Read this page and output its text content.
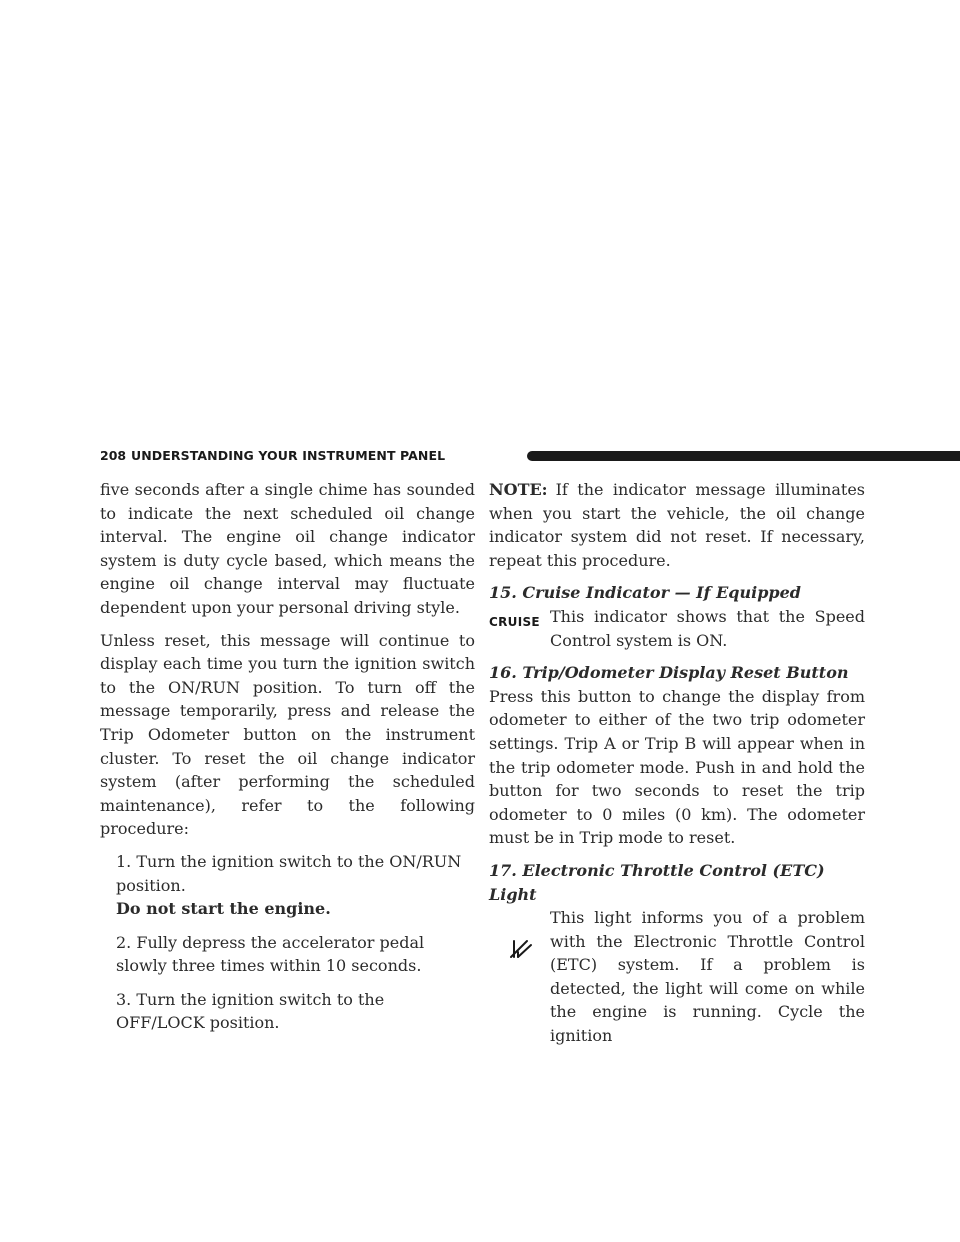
208 UNDERSTANDING YOUR INSTRUMENT PANEL

five seconds after a single chime has sounded to indicate the next scheduled oil change interval. The engine oil change indicator system is duty cycle based, which means the engine oil change interval may fluctuate dependent upon your personal driving style.

Unless reset, this message will continue to display each time you turn the ignition switch to the ON/RUN position. To turn off the message temporarily, press and release the Trip Odometer button on the instrument cluster. To reset the oil change indicator system (after performing the scheduled maintenance), refer to the following procedure:

1. Turn the ignition switch to the ON/RUN position.
Do not start the engine.
2. Fully depress the accelerator pedal slowly three times within 10 seconds.
3. Turn the ignition switch to the OFF/LOCK position.

NOTE: If the indicator message illuminates when you start the vehicle, the oil change indicator system did not reset. If necessary, repeat this procedure.

15. Cruise Indicator — If Equipped
CRUISE This indicator shows that the Speed Control system is ON.
16. Trip/Odometer Display Reset Button

Press this button to change the display from odometer to either of the two trip odometer settings. Trip A or Trip B will appear when in the trip odometer mode. Push in and hold the button for two seconds to reset the trip odometer to 0 miles (0 km). The odometer must be in Trip mode to reset.

17. Electronic Throttle Control (ETC) Light
This light informs you of a problem with the Electronic Throttle Control (ETC) system. If a problem is detected, the light will come on while the engine is running. Cycle the ignition
